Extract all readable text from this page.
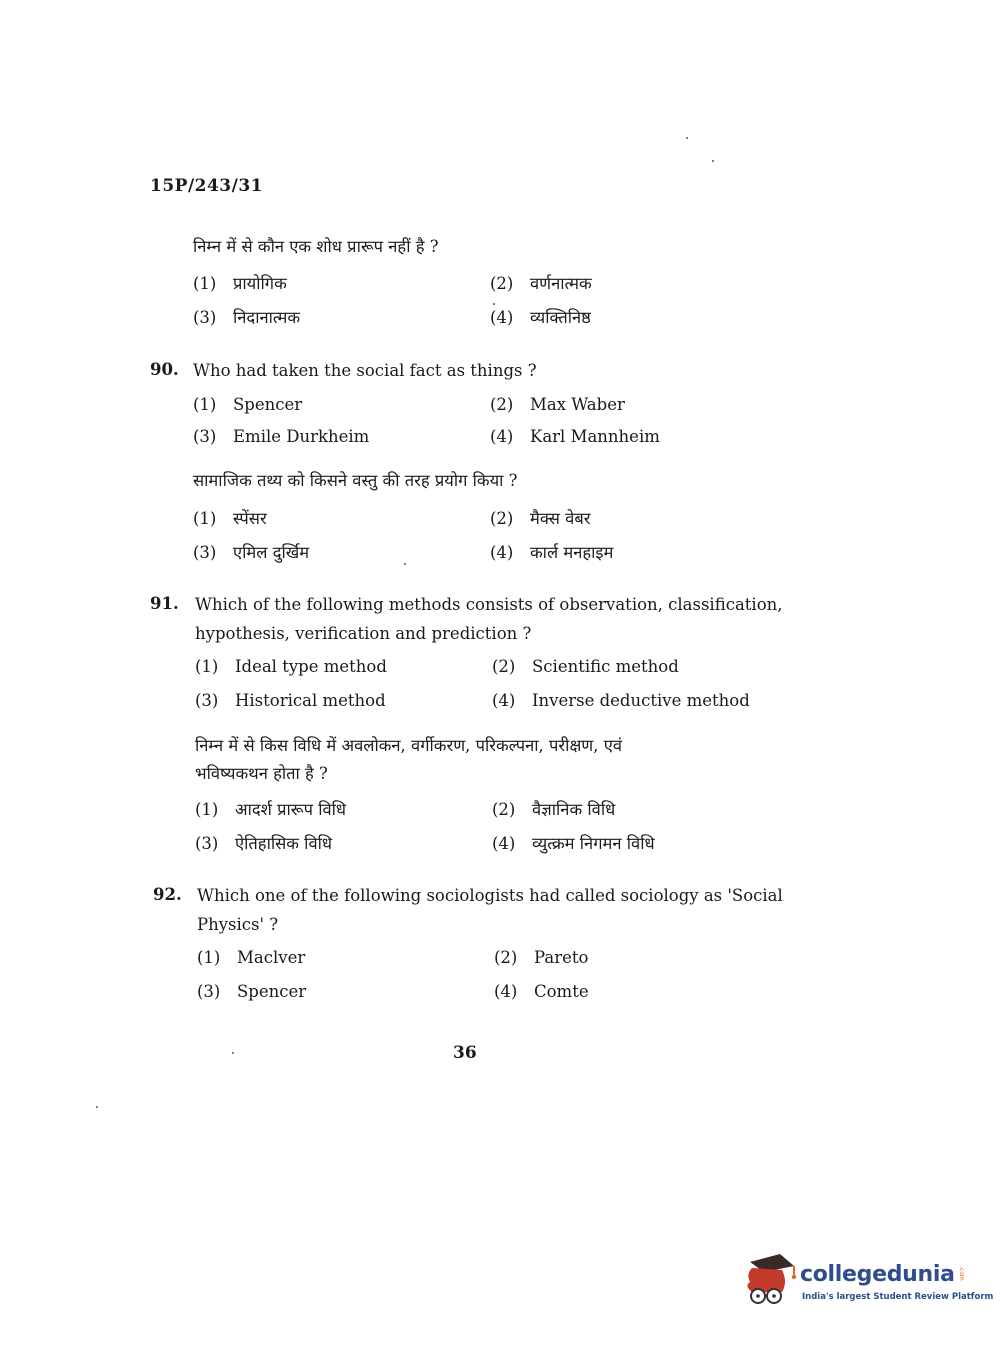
15P/243/31
निम्न में से कौन एक शोध प्रारूप नहीं है ?
(1) प्रायोगिक	(2) वर्णनात्मक
(3) निदानात्मक	(4) व्यक्तिनिष्ठ
90. Who had taken the social fact as things ?
(1) Spencer	(2) Max Waber
(3) Emile Durkheim	(4) Karl Mannheim
सामाजिक तथ्य को किसने वस्तु की तरह प्रयोग किया ?
(1) स्पेंसर	(2) मैक्स वेबर
(3) एमिल दुर्खिम	(4) कार्ल मनहाइम
91. Which of the following methods consists of observation, classification,
hypothesis, verification and prediction ?
(1) Ideal type method	(2) Scientific method
(3) Historical method	(4) Inverse deductive method
निम्न में से किस विधि में अवलोकन, वर्गीकरण, परिकल्पना, परीक्षण, एवं
भविष्यकथन होता है ?
(1) आदर्श प्रारूप विधि	(2) वैज्ञानिक विधि
(3) ऐतिहासिक विधि	(4) व्युत्क्रम निगमन विधि
92. Which one of the following sociologists had called sociology as 'Social
Physics' ?
(1) Maclver	(2) Pareto
(3) Spencer	(4) Comte
36
collegedunia .com
India's largest Student Review Platform
